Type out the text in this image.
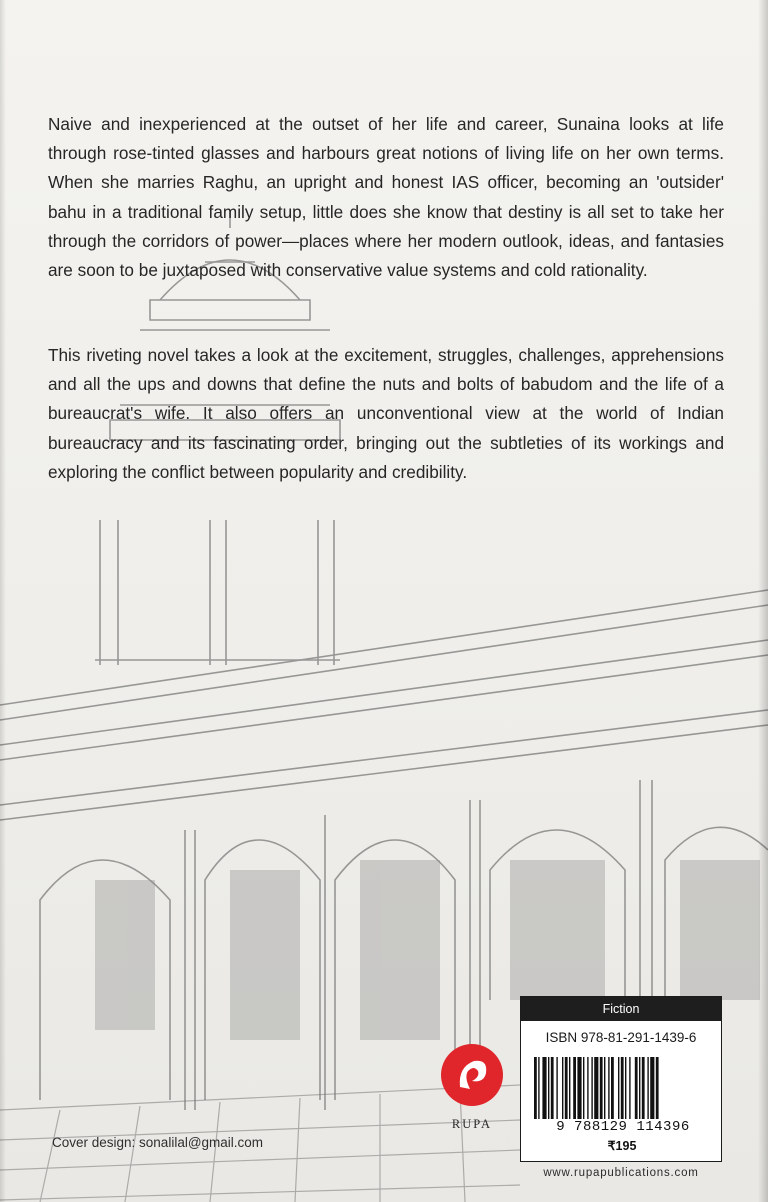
Naive and inexperienced at the outset of her life and career, Sunaina looks at life through rose-tinted glasses and harbours great notions of living life on her own terms. When she marries Raghu, an upright and honest IAS officer, becoming an 'outsider' bahu in a traditional family setup, little does she know that destiny is all set to take her through the corridors of power—places where her modern outlook, ideas, and fantasies are soon to be juxtaposed with conservative value systems and cold rationality.

This riveting novel takes a look at the excitement, struggles, challenges, apprehensions and all the ups and downs that define the nuts and bolts of babudom and the life of a bureaucrat's wife. It also offers an unconventional view at the world of Indian bureaucracy and its fascinating order, bringing out the subtleties of its workings and exploring the conflict between popularity and credibility.

Cover design: sonalilal@gmail.com
RUPA
Fiction
ISBN 978-81-291-1439-6
9 788129 114396
₹195
www.rupapublications.com
